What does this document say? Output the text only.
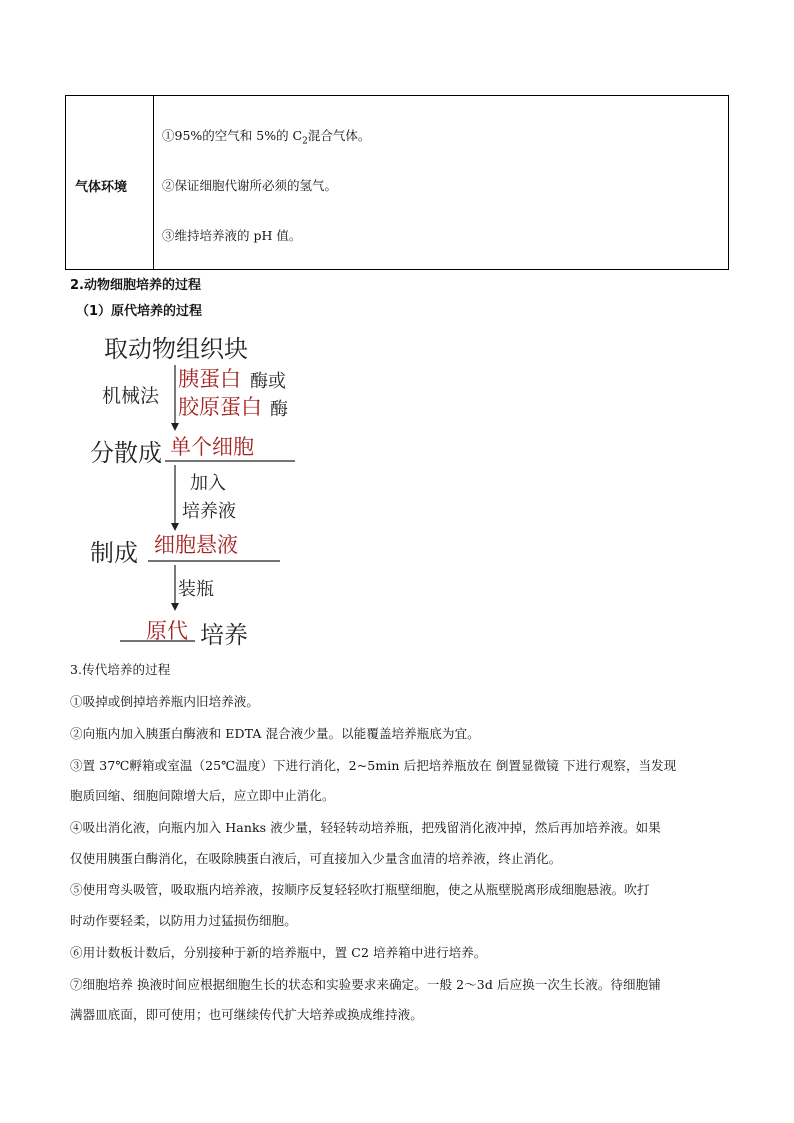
气体环境
①95%的空气和 5%的 $C_2$混合气体。
②保证细胞代谢所必须的氢气。
③维持培养液的 pH 值。
2.动物细胞培养的过程
（1）原代培养的过程
取动物组织块
机械法
胰蛋白 酶或
胶原蛋白 酶
分散成 单个细胞
加入
培养液
制成 细胞悬液
装瓶
原代 培养
3.传代培养的过程
①吸掉或倒掉培养瓶内旧培养液。
②向瓶内加入胰蛋白酶液和 EDTA 混合液少量。以能覆盖培养瓶底为宜。
③置 37℃孵箱或室温（25℃温度）下进行消化，2~5min 后把培养瓶放在 倒置显微镜 下进行观察，当发现
胞质回缩、细胞间隙增大后，应立即中止消化。
④吸出消化液，向瓶内加入 Hanks 液少量，轻轻转动培养瓶，把残留消化液冲掉，然后再加培养液。如果
仅使用胰蛋白酶消化，在吸除胰蛋白液后，可直接加入少量含血清的培养液，终止消化。
⑤使用弯头吸管，吸取瓶内培养液，按顺序反复轻轻吹打瓶壁细胞，使之从瓶壁脱离形成细胞悬液。吹打
时动作要轻柔，以防用力过猛损伤细胞。
⑥用计数板计数后，分别接种于新的培养瓶中，置 C2 培养箱中进行培养。
⑦细胞培养 换液时间应根据细胞生长的状态和实验要求来确定。一般 2～3d 后应换一次生长液。待细胞铺
满器皿底面，即可使用；也可继续传代扩大培养或换成维持液。
